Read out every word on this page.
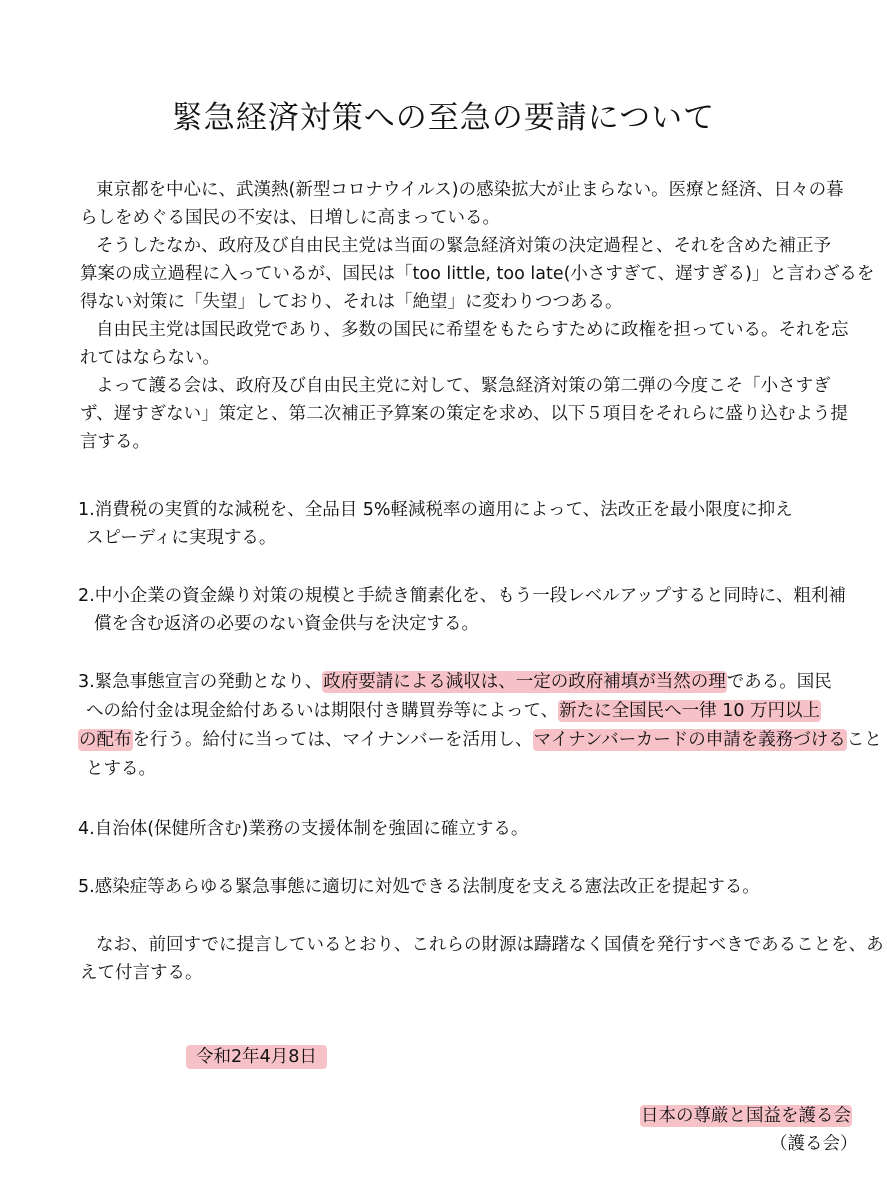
緊急経済対策への至急の要請について
東京都を中心に、武漢熱(新型コロナウイルス)の感染拡大が止まらない。医療と経済、日々の暮
らしをめぐる国民の不安は、日増しに高まっている。
そうしたなか、政府及び自由民主党は当面の緊急経済対策の決定過程と、それを含めた補正予
算案の成立過程に入っているが、国民は「too little, too late(小さすぎて、遅すぎる)」と言わざるを
得ない対策に「失望」しており、それは「絶望」に変わりつつある。
自由民主党は国民政党であり、多数の国民に希望をもたらすために政権を担っている。それを忘
れてはならない。
よって護る会は、政府及び自由民主党に対して、緊急経済対策の第二弾の今度こそ「小さすぎ
ず、遅すぎない」策定と、第二次補正予算案の策定を求め、以下５項目をそれらに盛り込むよう提
言する。
1.消費税の実質的な減税を、全品目 5%軽減税率の適用によって、法改正を最小限度に抑え
スピーディに実現する。
2.中小企業の資金繰り対策の規模と手続き簡素化を、もう一段レベルアップすると同時に、粗利補
償を含む返済の必要のない資金供与を決定する。
3.緊急事態宣言の発動となり、政府要請による減収は、一定の政府補填が当然の理である。国民
への給付金は現金給付あるいは期限付き購買券等によって、新たに全国民へ一律 10 万円以上
の配布を行う。給付に当っては、マイナンバーを活用し、マイナンバーカードの申請を義務づけること
とする。
4.自治体(保健所含む)業務の支援体制を強固に確立する。
5.感染症等あらゆる緊急事態に適切に対処できる法制度を支える憲法改正を提起する。
なお、前回すでに提言しているとおり、これらの財源は躊躇なく国債を発行すべきであることを、あ
えて付言する。
令和2年4月8日
日本の尊厳と国益を護る会
（護る会）
